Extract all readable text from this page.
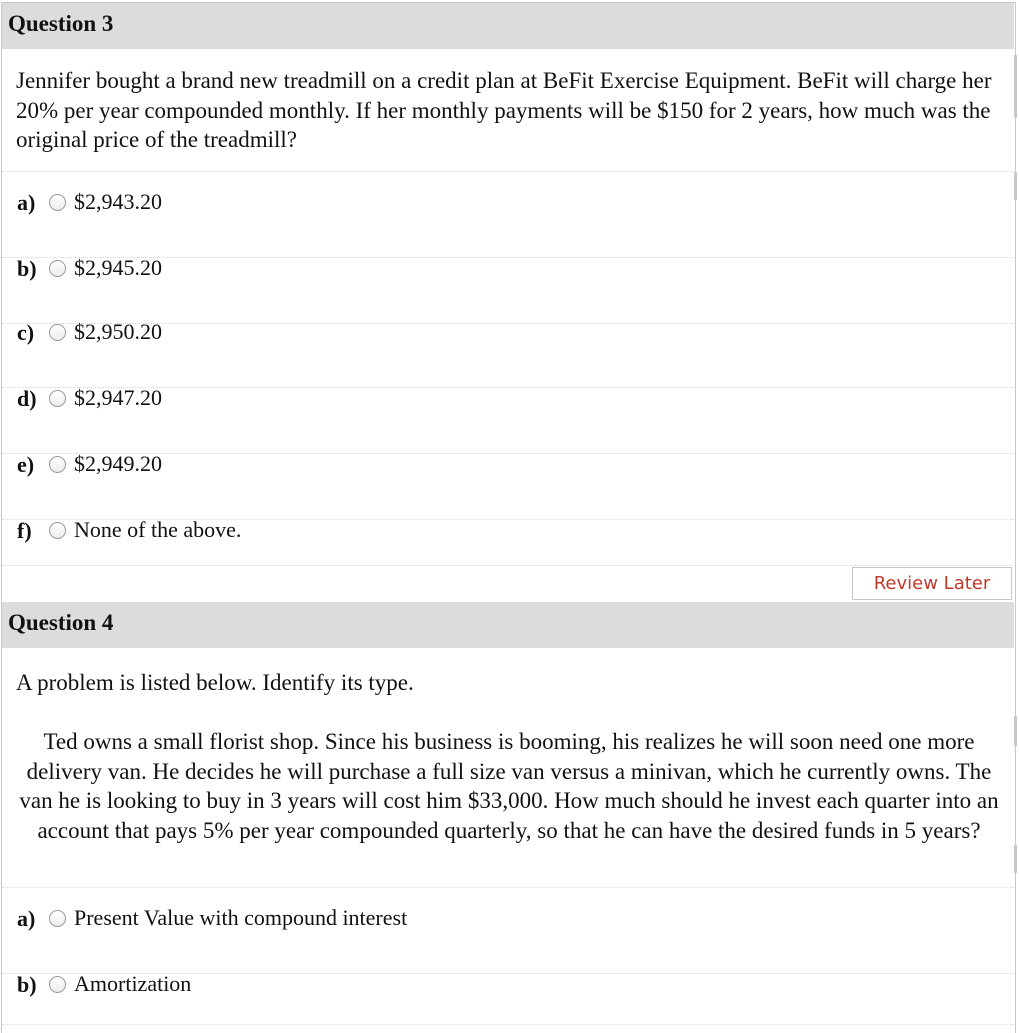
Question 3
Jennifer bought a brand new treadmill on a credit plan at BeFit Exercise Equipment. BeFit will charge her 20% per year compounded monthly. If her monthly payments will be $150 for 2 years, how much was the original price of the treadmill?
a) $2,943.20
b) $2,945.20
c) $2,950.20
d) $2,947.20
e) $2,949.20
f) None of the above.
Review Later
Question 4
A problem is listed below. Identify its type.
Ted owns a small florist shop. Since his business is booming, his realizes he will soon need one more delivery van. He decides he will purchase a full size van versus a minivan, which he currently owns. The van he is looking to buy in 3 years will cost him $33,000. How much should he invest each quarter into an account that pays 5% per year compounded quarterly, so that he can have the desired funds in 5 years?
a) Present Value with compound interest
b) Amortization
